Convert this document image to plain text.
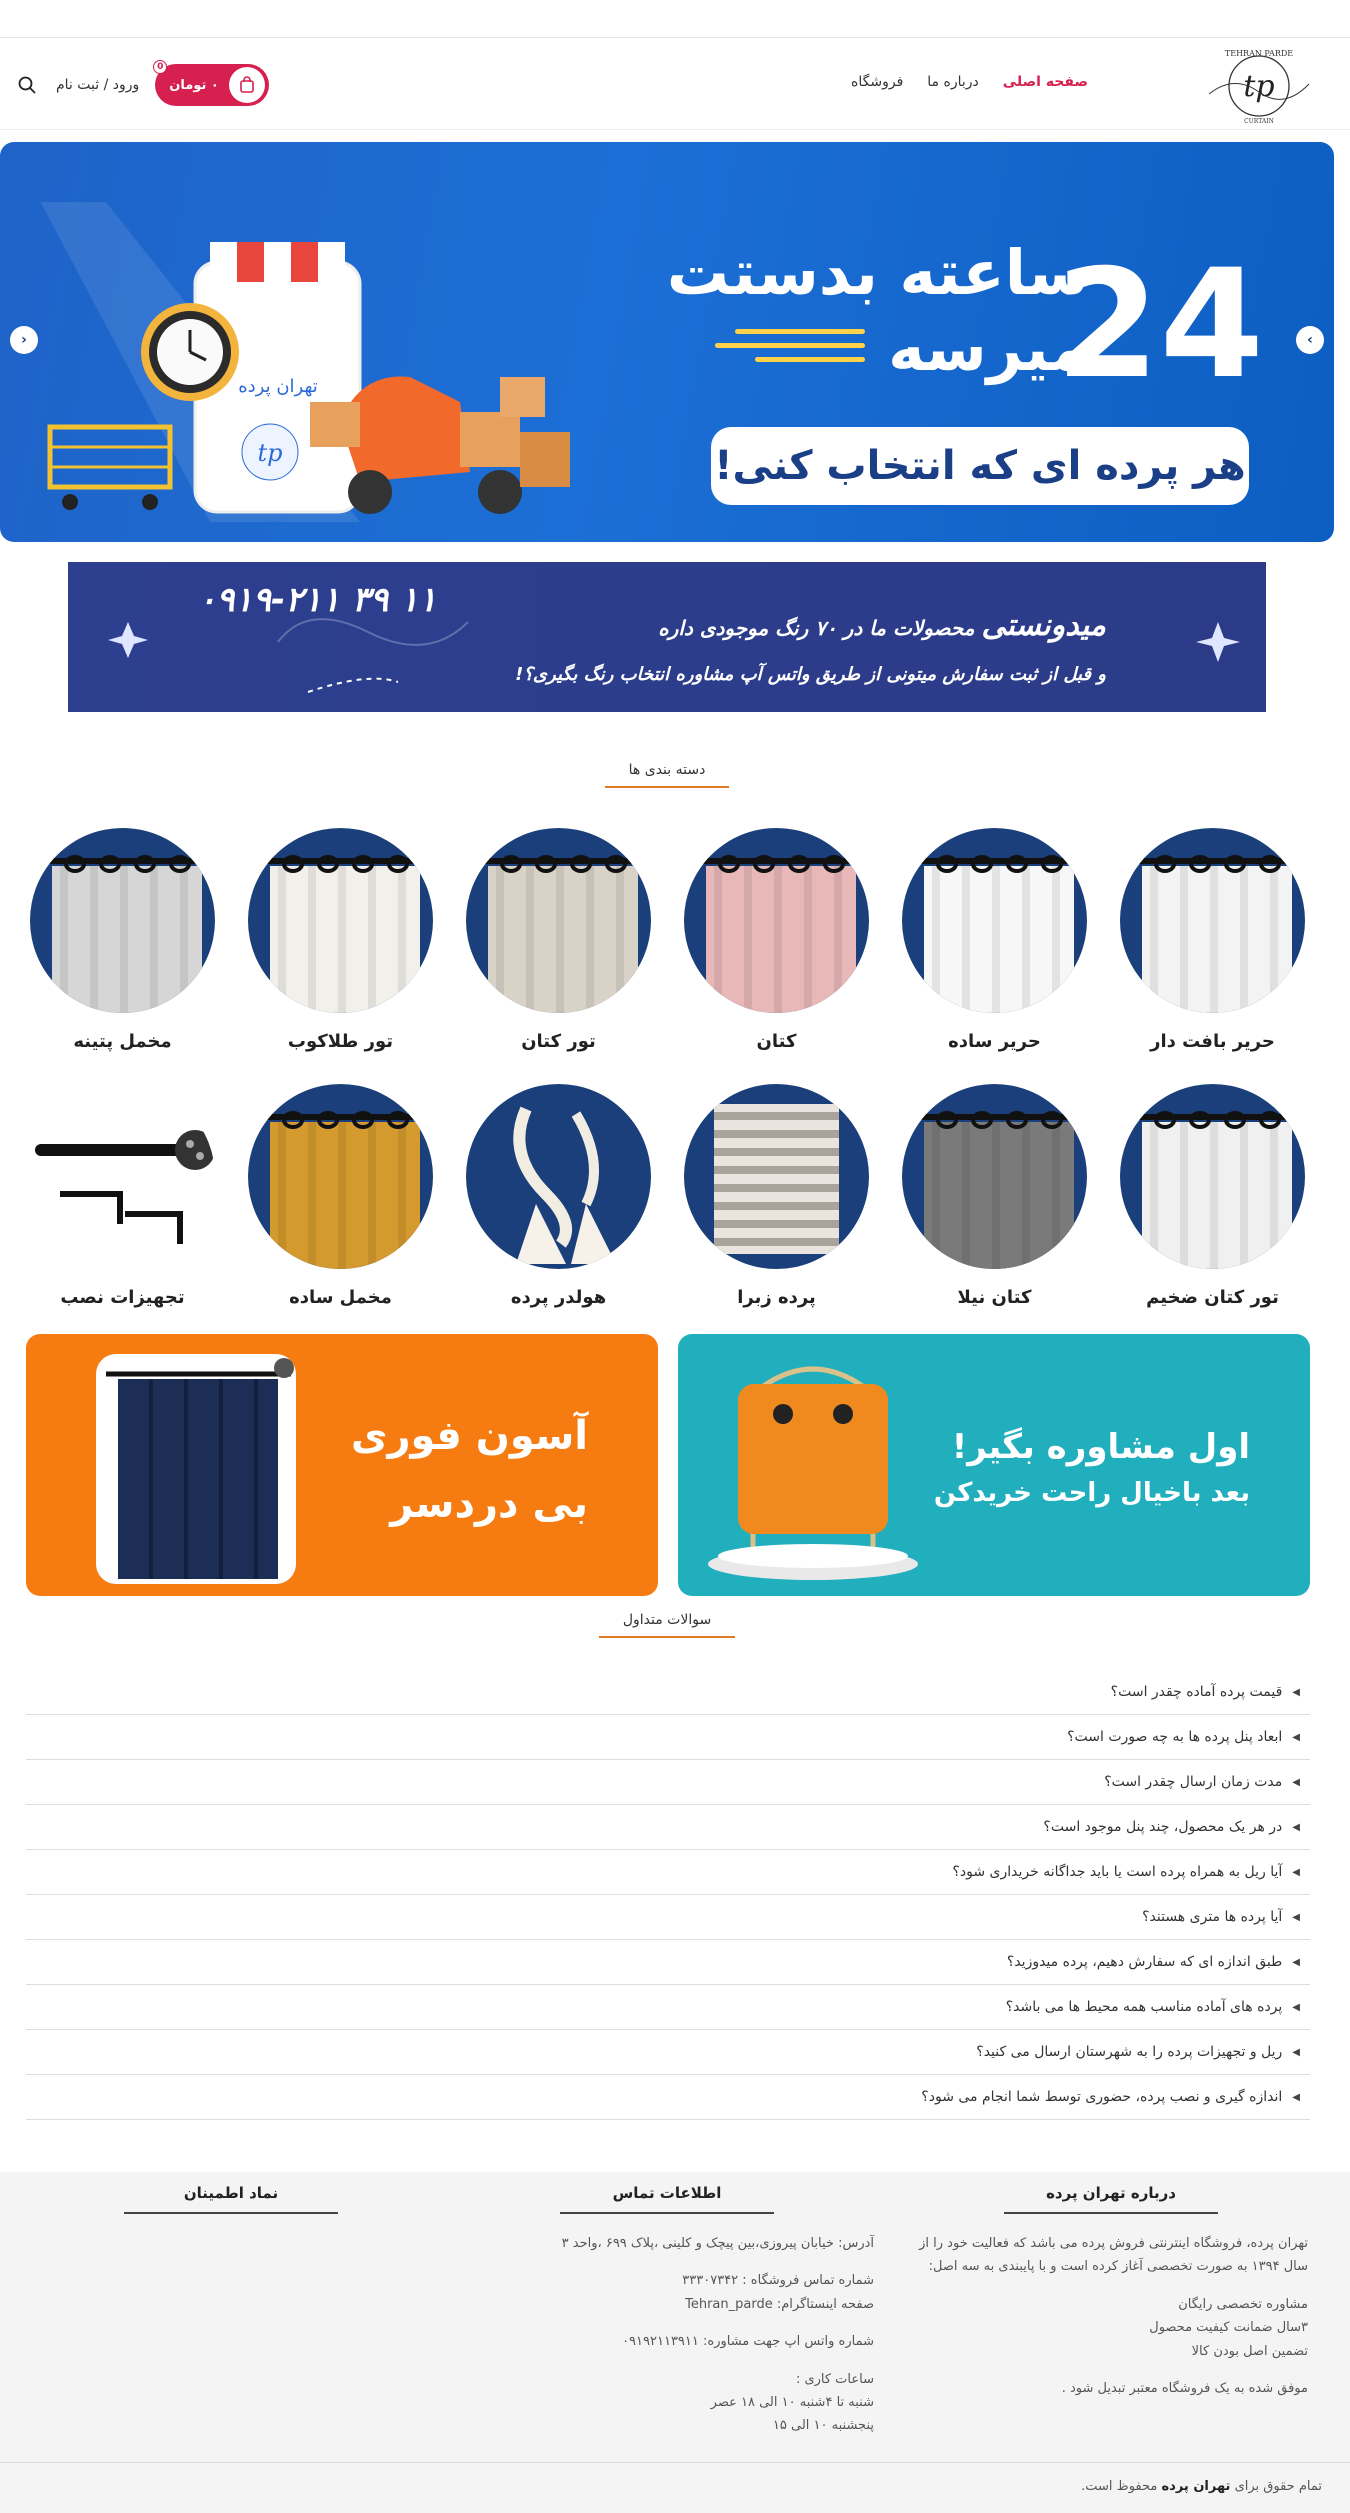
tp
TEHRAN PARDE
CURTAIN
صفحه اصلی
درباره ما
فروشگاه
۰ تومان
0
ورود / ثبت نام
تهران پرده
tp
24
ساعته بدستت
میرسه
هر پرده ای که انتخاب کنی!
‹	›
۰۹۱۹-۲۱۱ ۳۹ ۱۱
میدونستی محصولات ما در ۷۰ رنگ موجودی داره
و قبل از ثبت سفارش میتونی از طریق واتس آپ مشاوره انتخاب رنگ بگیری؟!
دسته بندی ها
حریر بافت دار
حریر ساده
کتان
تور کتان
تور طلاکوب
مخمل پتینه
تور کتان ضخیم
کتان نیلا
پرده زبرا
هولدر پرده
مخمل ساده
تجهیزات نصب
اول مشاوره بگیر!
بعد باخیال راحت خریدکن
آسون فوری
بی دردسر
سوالات متداول
◀
قیمت پرده آماده چقدر است؟
◀
ابعاد پنل پرده ها به چه صورت است؟
◀
مدت زمان ارسال چقدر است؟
◀
در هر یک محصول، چند پنل موجود است؟
◀
آیا ریل به همراه پرده است یا باید جداگانه خریداری شود؟
◀
آیا پرده ها متری هستند؟
◀
طبق اندازه ای که سفارش دهیم، پرده میدوزید؟
◀
پرده های آماده مناسب همه محیط ها می باشد؟
◀
ریل و تجهیزات پرده را به شهرستان ارسال می کنید؟
◀
اندازه گیری و نصب پرده، حضوری توسط شما انجام می شود؟
درباره تهران پرده
تهران پرده، فروشگاه اینترنتی فروش پرده می باشد که فعالیت خود را از سال ۱۳۹۴ به صورت تخصصی آغاز کرده است و با پایبندی به سه اصل:
مشاوره تخصصی رایگان
۳سال ضمانت کیفیت محصول
تضمین اصل بودن کالا
موفق شده به یک فروشگاه معتبر تبدیل شود .
اطلاعات تماس
آدرس: خیابان پیروزی،بین پیچک و کلینی ،پلاک ۶۹۹ ،واحد ۳
شماره تماس فروشگاه : ۳۳۳۰۷۳۴۲
صفحه اینستاگرام: Tehran_parde
شماره واتس اپ جهت مشاوره: ۰۹۱۹۲۱۱۳۹۱۱
ساعات کاری :
شنبه تا ۴شنبه ۱۰ الی ۱۸ عصر
پنجشنبه ۱۰ الی ۱۵
نماد اطمینان
تمام حقوق برای تهران پرده محفوظ است.
